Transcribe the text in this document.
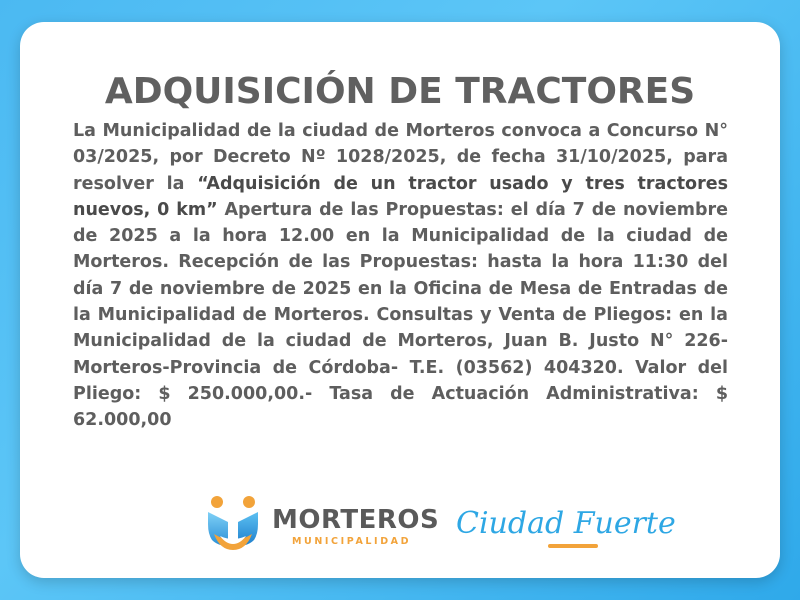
ADQUISICIÓN DE TRACTORES

La Municipalidad de la ciudad de Morteros convoca a Concurso N° 03/2025, por Decreto Nº 1028/2025, de fecha 31/10/2025, para resolver la “Adquisición de un tractor usado y tres tractores nuevos, 0 km” Apertura de las Propuestas: el día 7 de noviembre de 2025 a la hora 12.00 en la Municipalidad de la ciudad de Morteros. Recepción de las Propuestas: hasta la hora 11:30 del día 7 de noviembre de 2025 en la Oficina de Mesa de Entradas de la Municipalidad de Morteros. Consultas y Venta de Pliegos: en la Municipalidad de la ciudad de Morteros, Juan B. Justo N° 226-Morteros-Provincia de Córdoba- T.E. (03562) 404320. Valor del Pliego: $ 250.000,00.- Tasa de Actuación Administrativa: $ 62.000,00

MORTEROS
MUNICIPALIDAD
Ciudad Fuerte
